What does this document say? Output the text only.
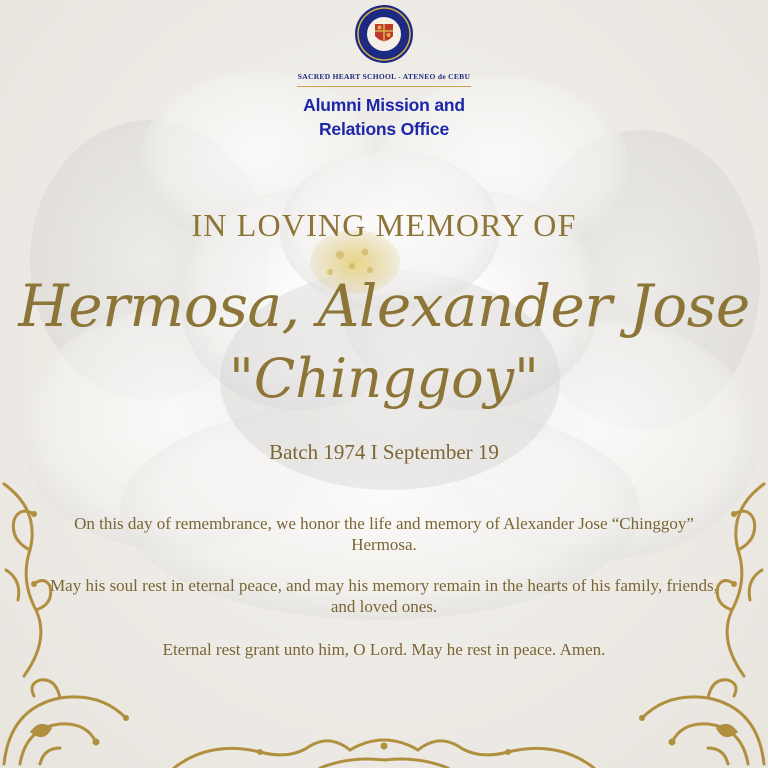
SACRED HEART SCHOOL - ATENEO de CEBU
Alumni Mission and
Relations Office
IN LOVING MEMORY OF
Hermosa, Alexander Jose
"Chinggoy"
Batch 1974 I September 19
On this day of remembrance, we honor the life and memory of Alexander Jose “Chinggoy” Hermosa.
May his soul rest in eternal peace, and may his memory remain in the hearts of his family, friends, and loved ones.
Eternal rest grant unto him, O Lord. May he rest in peace. Amen.
